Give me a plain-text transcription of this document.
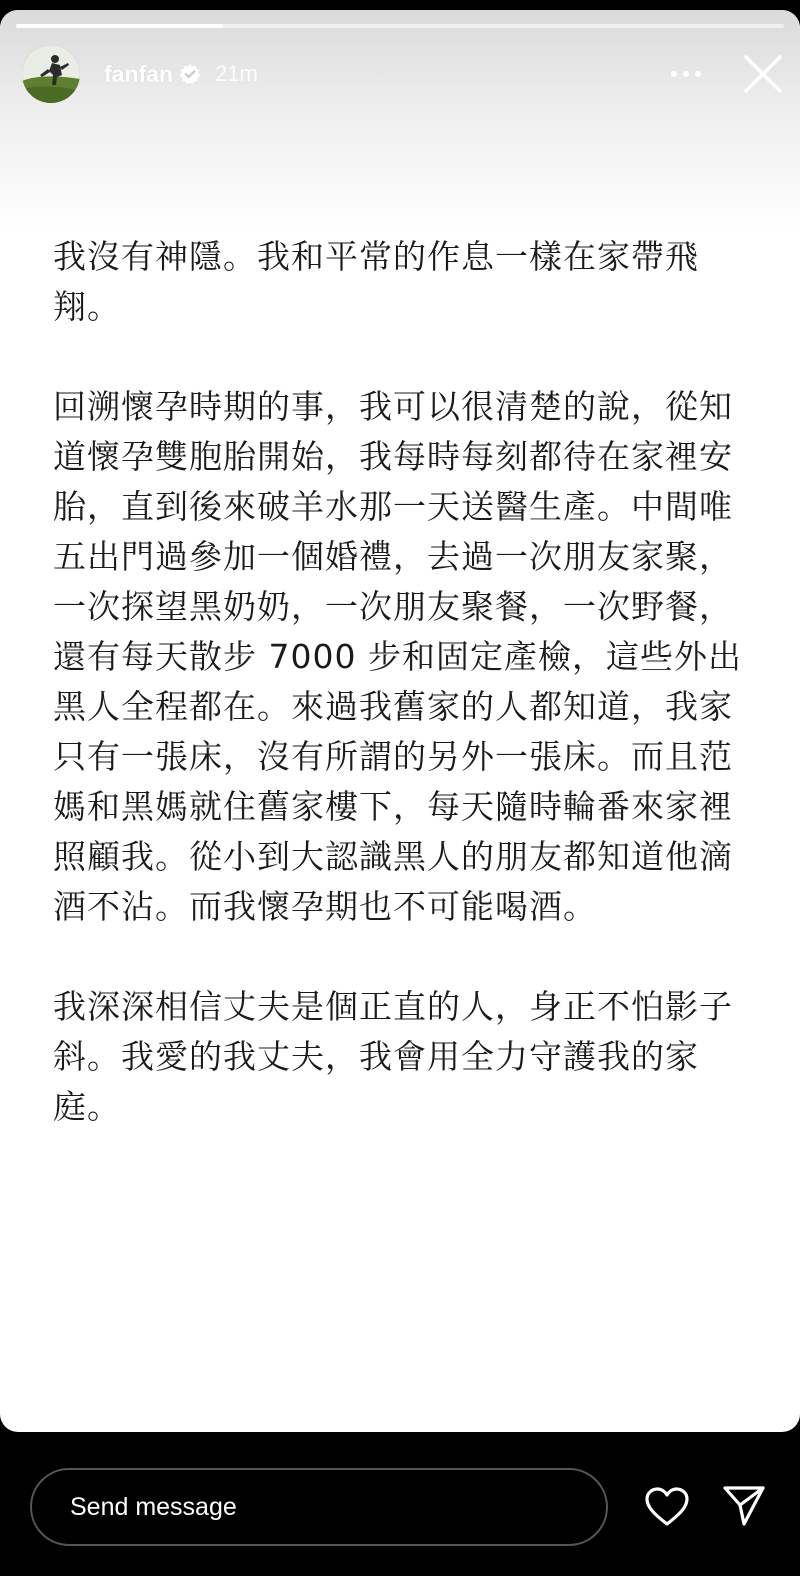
fanfan 21m

我沒有神隱。我和平常的作息一樣在家帶飛翔。

回溯懷孕時期的事，我可以很清楚的說，從知道懷孕雙胞胎開始，我每時每刻都待在家裡安胎，直到後來破羊水那一天送醫生產。中間唯五出門過參加一個婚禮，去過一次朋友家聚，一次探望黑奶奶，一次朋友聚餐，一次野餐，還有每天散步 7000 步和固定產檢，這些外出黑人全程都在。來過我舊家的人都知道，我家只有一張床，沒有所謂的另外一張床。而且范媽和黑媽就住舊家樓下，每天隨時輪番來家裡照顧我。從小到大認識黑人的朋友都知道他滴酒不沾。而我懷孕期也不可能喝酒。

我深深相信丈夫是個正直的人，身正不怕影子斜。我愛的我丈夫，我會用全力守護我的家庭。

Send message
